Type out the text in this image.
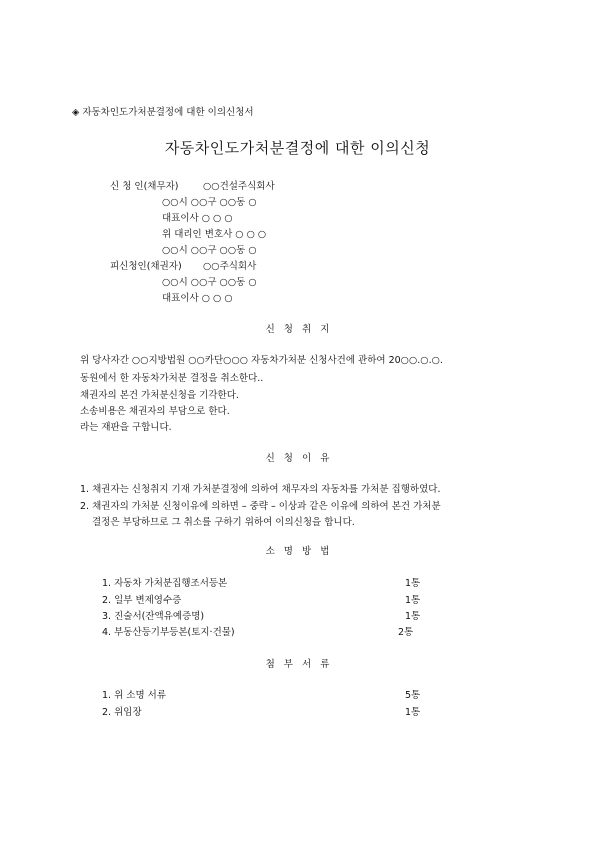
◈ 자동차인도가처분결정에 대한 이의신청서
자동차인도가처분결정에 대한 이의신청
신 청 인(채무자)	○○건설주식회사
○○시 ○○구 ○○동 ○
대표이사 ○ ○ ○
위 대리인 변호사 ○ ○ ○
○○시 ○○구 ○○동 ○
피신청인(채권자) ○○주식회사
○○시 ○○구 ○○동 ○
대표이사 ○ ○ ○
신 청 취 지
위 당사자간 ○○지방법원 ○○카단○○○ 자동차가처분 신청사건에 관하여 20○○.○.○.
동원에서 한 자동차가처분 결정을 취소한다..
채권자의 본건 가처분신청을 기각한다.
소송비용은 채권자의 부담으로 한다.
라는 재판을 구합니다.
신 청 이 유
1. 채권자는 신청취지 기재 가처분결정에 의하여 채무자의 자동차를 가처분 집행하였다.
2. 채권자의 가처분 신청이유에 의하면 – 중략 – 이상과 같은 이유에 의하여 본건 가처분
결정은 부당하므로 그 취소를 구하기 위하여 이의신청을 합니다.
소 명 방 법
1. 자동차 가처분집행조서등본	1통
2. 일부 변제영수증	1통
3. 진술서(잔액유예증명)	1통
4. 부동산등기부등본(토지‧건물)	2통
첨 부 서 류
1. 위 소명 서류	5통
2. 위임장	1통
